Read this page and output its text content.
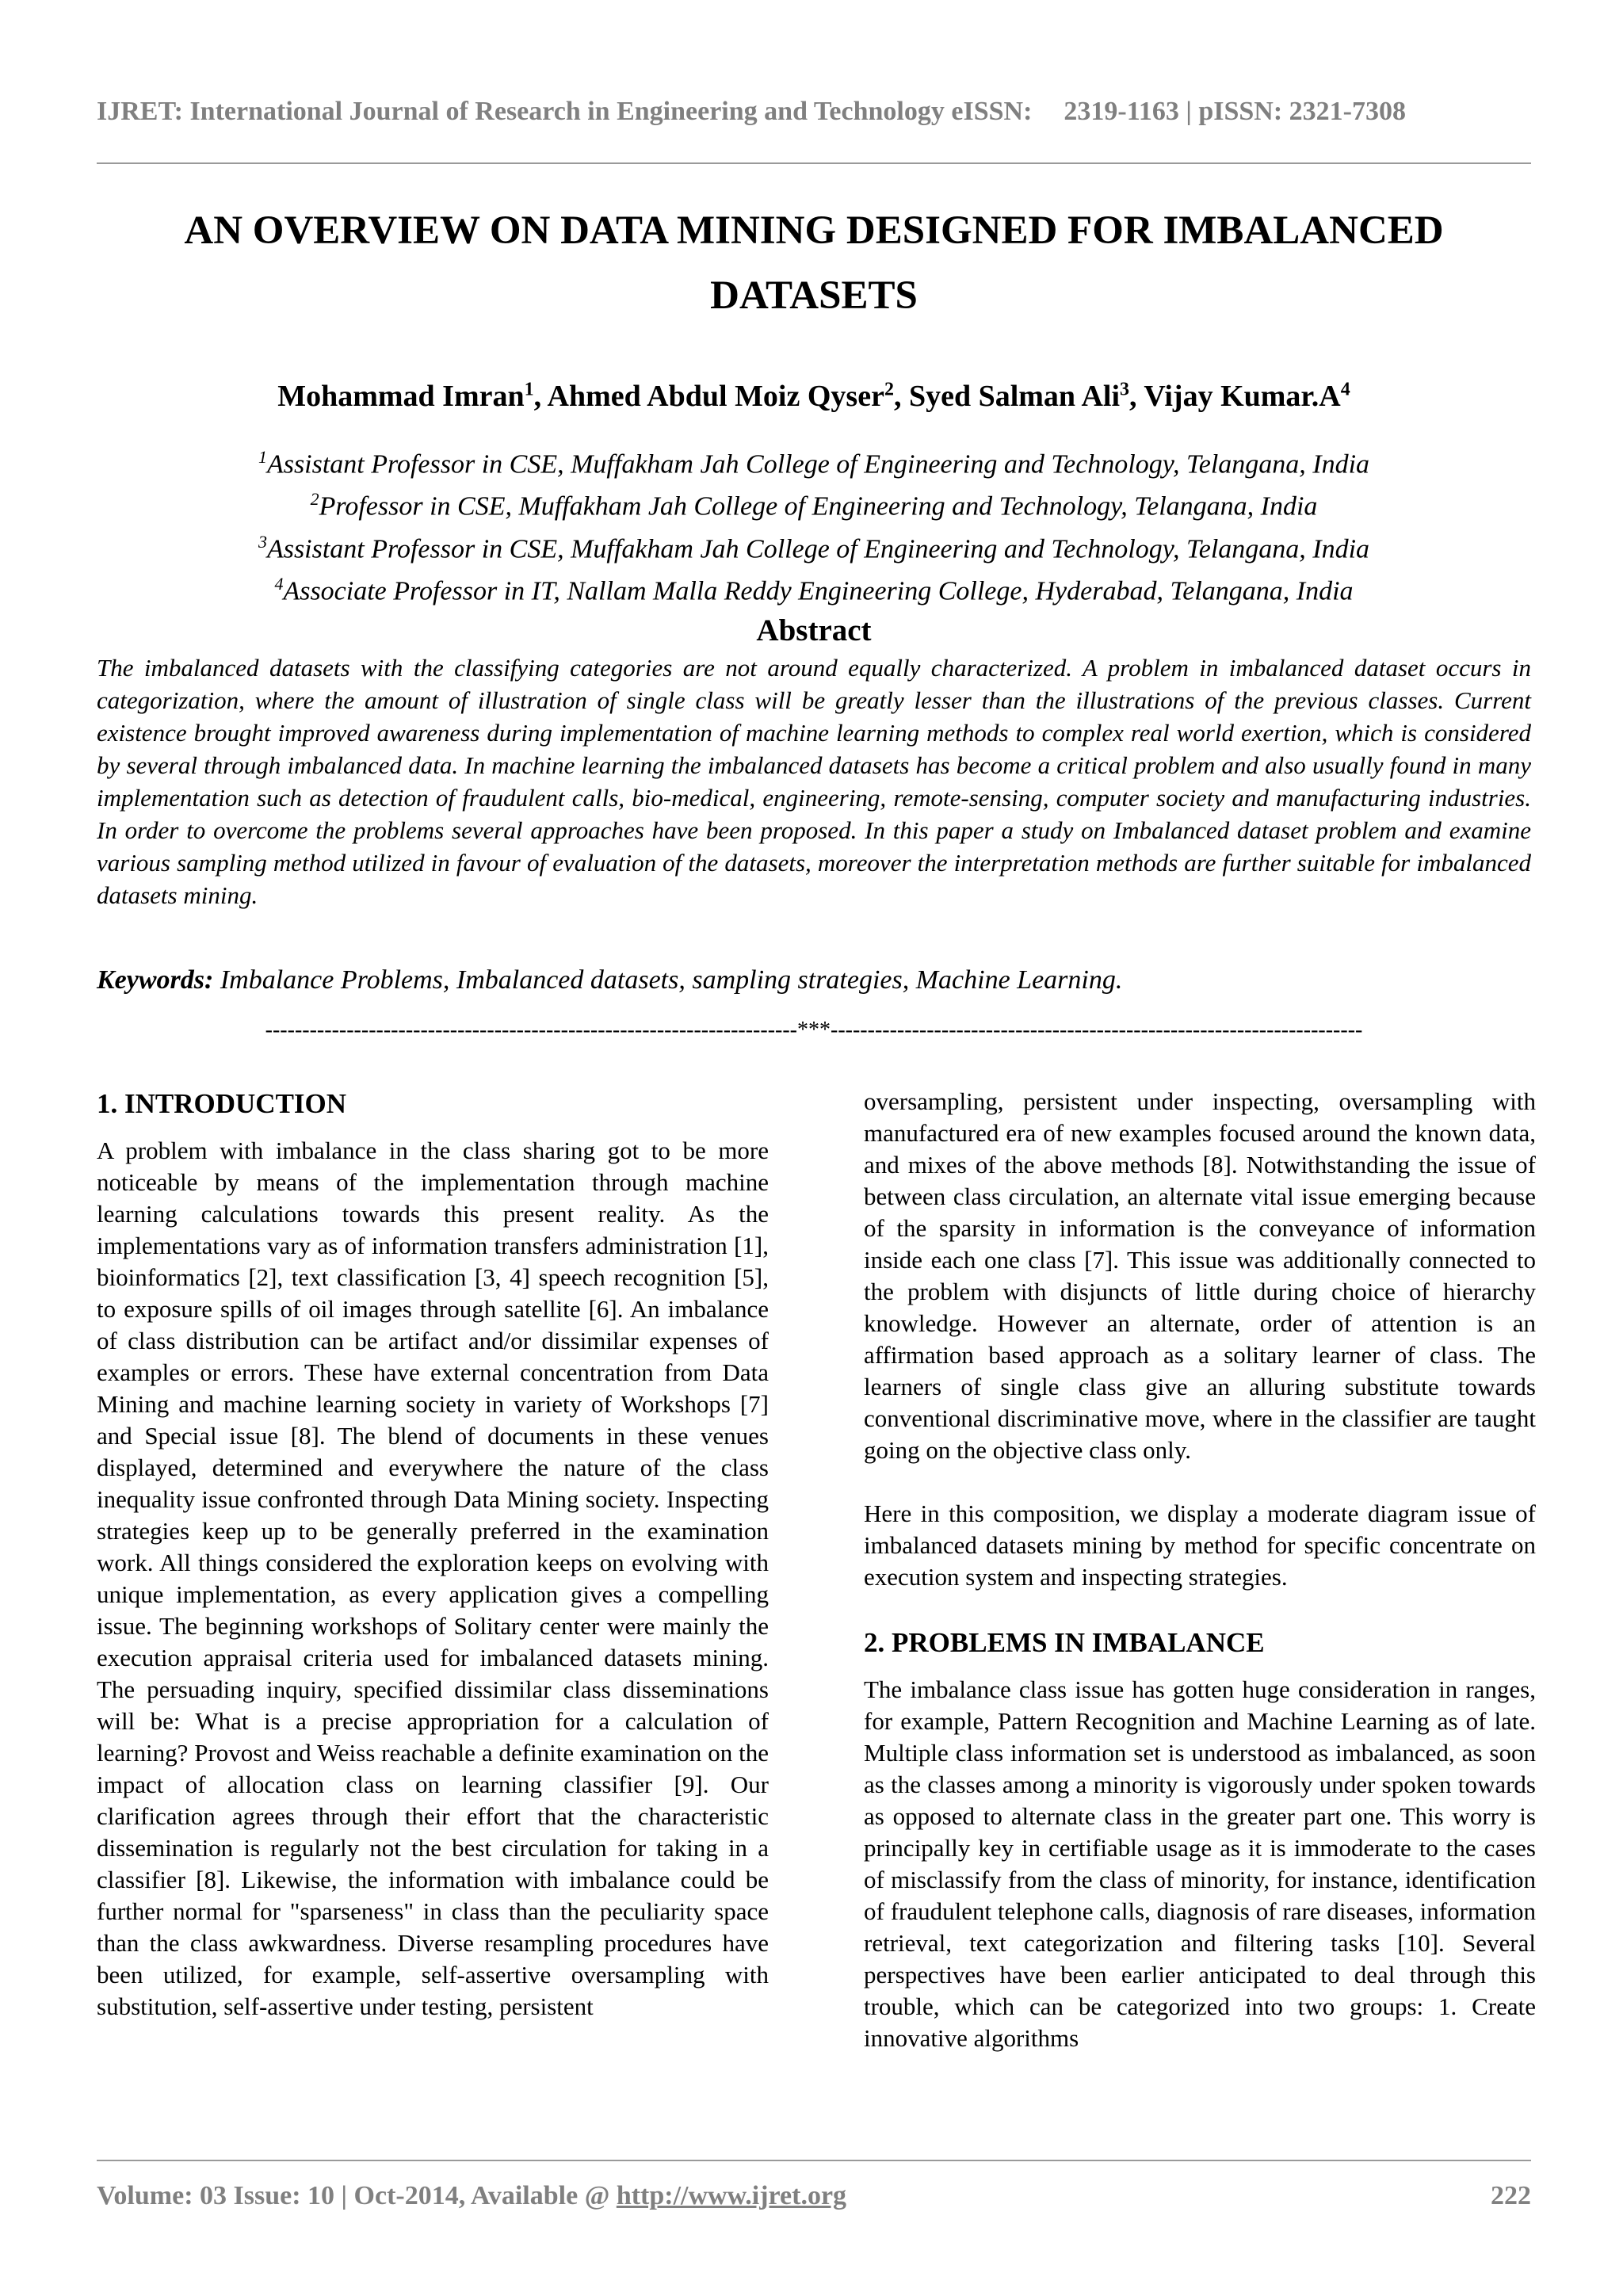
IJRET: International Journal of Research in Engineering and Technology eISSN: 2319-1163 | pISSN: 2321-7308
AN OVERVIEW ON DATA MINING DESIGNED FOR IMBALANCED
DATASETS
Mohammad Imran$^1$, Ahmed Abdul Moiz Qyser$^2$, Syed Salman Ali$^3$, Vijay $Kumar.A^4$
$^1$Assistant Professor in CSE, Muffakham Jah College of Engineering and Technology, Telangana, India
$^2$Professor in CSE, Muffakham Jah College of Engineering and Technology, Telangana, India
$^3$Assistant Professor in CSE, Muffakham Jah College of Engineering and Technology, Telangana, India
$^4$Associate Professor in IT, Nallam Malla Reddy Engineering College, Hyderabad, Telangana, India
Abstract

The imbalanced datasets with the classifying categories are not around equally characterized. A problem in imbalanced dataset occurs in categorization, where the amount of illustration of single class will be greatly lesser than the illustrations of the previous classes. Current existence brought improved awareness during implementation of machine learning methods to complex real world exertion, which is considered by several through imbalanced data. In machine learning the imbalanced datasets has become a critical problem and also usually found in many implementation such as detection of fraudulent calls, bio-medical, engineering, remote-sensing, computer society and manufacturing industries. In order to overcome the problems several approaches have been proposed. In this paper a study on Imbalanced dataset problem and examine various sampling method utilized in favour of evaluation of the datasets, moreover the interpretation methods are further suitable for imbalanced datasets mining.

Keywords: Imbalance Problems, Imbalanced datasets, sampling strategies, Machine Learning.

------------------------------------------------------------------------***------------------------------------------------------------------------
1. INTRODUCTION

A problem with imbalance in the class sharing got to be more noticeable by means of the implementation through machine learning calculations towards this present reality. As the implementations vary as of information transfers administration [1], bioinformatics [2], text classification [3, 4] speech recognition [5], to exposure spills of oil images through satellite [6]. An imbalance of class distribution can be artifact and/or dissimilar expenses of examples or errors. These have external concentration from Data Mining and machine learning society in variety of Workshops [7] and Special issue [8]. The blend of documents in these venues displayed, determined and everywhere the nature of the class inequality issue confronted through Data Mining society. Inspecting strategies keep up to be generally preferred in the examination work. All things considered the exploration keeps on evolving with unique implementation, as every application gives a compelling issue. The beginning workshops of Solitary center were mainly the execution appraisal criteria used for imbalanced datasets mining. The persuading inquiry, specified dissimilar class disseminations will be: What is a precise appropriation for a calculation of learning? Provost and Weiss reachable a definite examination on the impact of allocation class on learning classifier [9]. Our clarification agrees through their effort that the characteristic dissemination is regularly not the best circulation for taking in a classifier [8]. Likewise, the information with imbalance could be further normal for "sparseness" in class than the peculiarity space than the class awkwardness. Diverse resampling procedures have been utilized, for example, self-assertive oversampling with substitution, self-assertive under testing, persistent

oversampling, persistent under inspecting, oversampling with manufactured era of new examples focused around the known data, and mixes of the above methods [8]. Notwithstanding the issue of between class circulation, an alternate vital issue emerging because of the sparsity in information is the conveyance of information inside each one class [7]. This issue was additionally connected to the problem with disjuncts of little during choice of hierarchy knowledge. However an alternate, order of attention is an affirmation based approach as a solitary learner of class. The learners of single class give an alluring substitute towards conventional discriminative move, where in the classifier are taught going on the objective class only.

Here in this composition, we display a moderate diagram issue of imbalanced datasets mining by method for specific concentrate on execution system and inspecting strategies.

2. PROBLEMS IN IMBALANCE

The imbalance class issue has gotten huge consideration in ranges, for example, Pattern Recognition and Machine Learning as of late. Multiple class information set is understood as imbalanced, as soon as the classes among a minority is vigorously under spoken towards as opposed to alternate class in the greater part one. This worry is principally key in certifiable usage as it is immoderate to the cases of misclassify from the class of minority, for instance, identification of fraudulent telephone calls, diagnosis of rare diseases, information retrieval, text categorization and filtering tasks [10]. Several perspectives have been earlier anticipated to deal through this trouble, which can be categorized into two groups: 1. Create innovative algorithms

Volume: 03 Issue: 10 | Oct-2014, Available @ http://www.ijret.org	222
